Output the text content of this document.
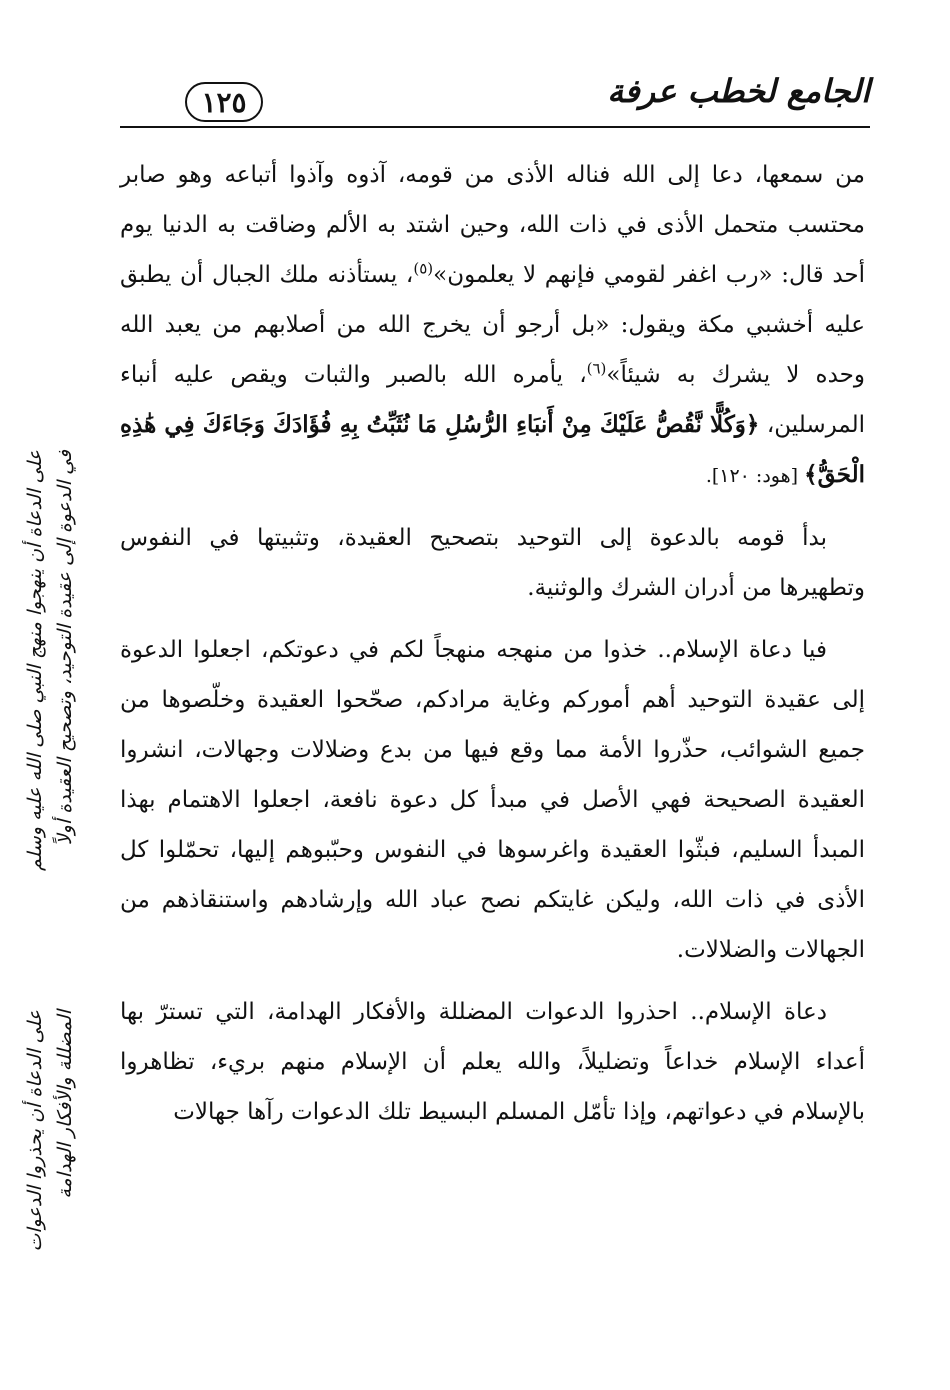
١٢٥	الجامع لخطب عرفة

من سمعها، دعا إلى الله فناله الأذى من قومه، آذوه وآذوا أتباعه وهو صابر محتسب متحمل الأذى في ذات الله، وحين اشتد به الألم وضاقت به الدنيا يوم أحد قال: «رب اغفر لقومي فإنهم لا يعلمون»$^{(٥)}$، يستأذنه ملك الجبال أن يطبق عليه أخشبي مكة ويقول: «بل أرجو أن يخرج الله من أصلابهم من يعبد الله وحده لا يشرك به شيئاً»$^{(٦)}$، يأمره الله بالصبر والثبات ويقص عليه أنباء المرسلين، ﴿وَكُلًّا نَّقُصُّ عَلَيْكَ مِنْ أَنبَاءِ الرُّسُلِ مَا نُثَبِّتُ بِهِ فُؤَادَكَ وَجَاءَكَ فِي هَٰذِهِ الْحَقُّ﴾ [هود: ١٢٠].

بدأ قومه بالدعوة إلى التوحيد بتصحيح العقيدة، وتثبيتها في النفوس وتطهيرها من أدران الشرك والوثنية.

فيا دعاة الإسلام.. خذوا من منهجه منهجاً لكم في دعوتكم، اجعلوا الدعوة إلى عقيدة التوحيد أهم أموركم وغاية مرادكم، صحّحوا العقيدة وخلّصوها من جميع الشوائب، حذّروا الأمة مما وقع فيها من بدع وضلالات وجهالات، انشروا العقيدة الصحيحة فهي الأصل في مبدأ كل دعوة نافعة، اجعلوا الاهتمام بهذا المبدأ السليم، فبثّوا العقيدة واغرسوها في النفوس وحبّبوهم إليها، تحمّلوا كل الأذى في ذات الله، وليكن غايتكم نصح عباد الله وإرشادهم واستنقاذهم من الجهالات والضلالات.

دعاة الإسلام.. احذروا الدعوات المضللة والأفكار الهدامة، التي تسترّ بها أعداء الإسلام خداعاً وتضليلاً، والله يعلم أن الإسلام منهم بريء، تظاهروا بالإسلام في دعواتهم، وإذا تأمّل المسلم البسيط تلك الدعوات رآها جهالات

على الدعاة أن ينهجوا منهج النبي صلى الله عليه وسلم في الدعوة إلى عقيدة التوحيد، وتصحيح العقيدة أولاً
على الدعاة أن يحذروا الدعوات المضللة والأفكار الهدامة
